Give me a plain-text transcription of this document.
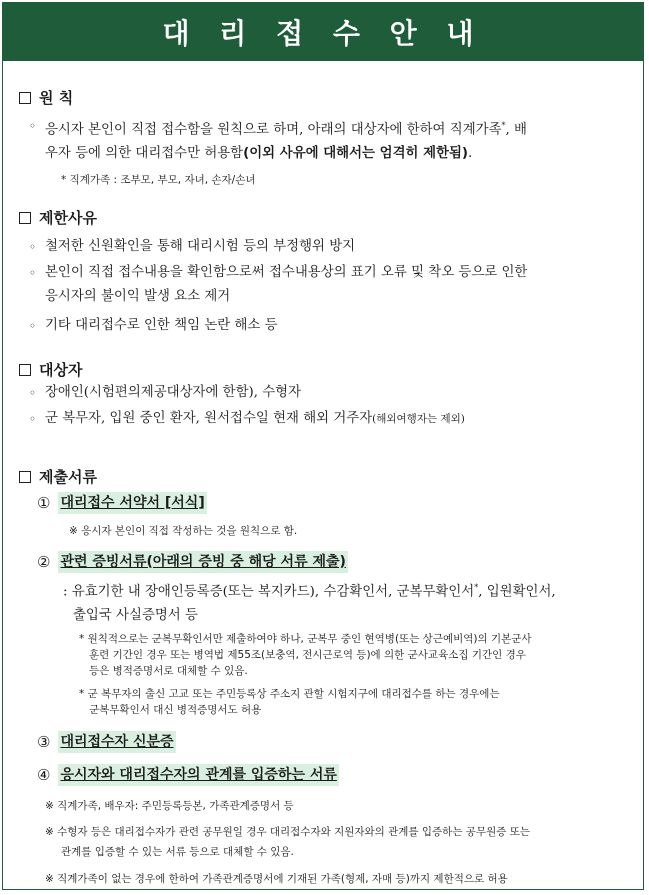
대 리 접 수 안 내
원 칙
◦ 응시자 본인이 직접 접수함을 원칙으로 하며, 아래의 대상자에 한하여 직계가족*, 배
우자 등에 의한 대리접수만 허용함(이외 사유에 대해서는 엄격히 제한됨).
* 직계가족 : 조부모, 부모, 자녀, 손자/손녀
제한사유
◦ 철저한 신원확인을 통해 대리시험 등의 부정행위 방지
◦ 본인이 직접 접수내용을 확인함으로써 접수내용상의 표기 오류 및 착오 등으로 인한
응시자의 불이익 발생 요소 제거
◦ 기타 대리접수로 인한 책임 논란 해소 등
대상자
◦ 장애인(시험편의제공대상자에 한함), 수형자
◦ 군 복무자, 입원 중인 환자, 원서접수일 현재 해외 거주자(해외여행자는 제외)
제출서류
① 대리접수 서약서 [서식]
※ 응시자 본인이 직접 작성하는 것을 원칙으로 함.
② 관련 증빙서류(아래의 증빙 중 해당 서류 제출)
: 유효기한 내 장애인등록증(또는 복지카드), 수감확인서, 군복무확인서*, 입원확인서,
출입국 사실증명서 등
* 원칙적으로는 군복무확인서만 제출하여야 하나, 군복무 중인 현역병(또는 상근예비역)의 기본군사
훈련 기간인 경우 또는 병역법 제55조(보충역, 전시근로역 등)에 의한 군사교육소집 기간인 경우
등은 병적증명서로 대체할 수 있음.
* 군 복무자의 출신 고교 또는 주민등록상 주소지 관할 시험지구에 대리접수를 하는 경우에는
군복무확인서 대신 병적증명서도 허용
③ 대리접수자 신분증
④ 응시자와 대리접수자의 관계를 입증하는 서류
※ 직계가족, 배우자: 주민등록등본, 가족관계증명서 등
※ 수형자 등은 대리접수자가 관련 공무원일 경우 대리접수자와 지원자와의 관계를 입증하는 공무원증 또는
관계를 입증할 수 있는 서류 등으로 대체할 수 있음.
※ 직계가족이 없는 경우에 한하여 가족관계증명서에 기재된 가족(형제, 자매 등)까지 제한적으로 허용
